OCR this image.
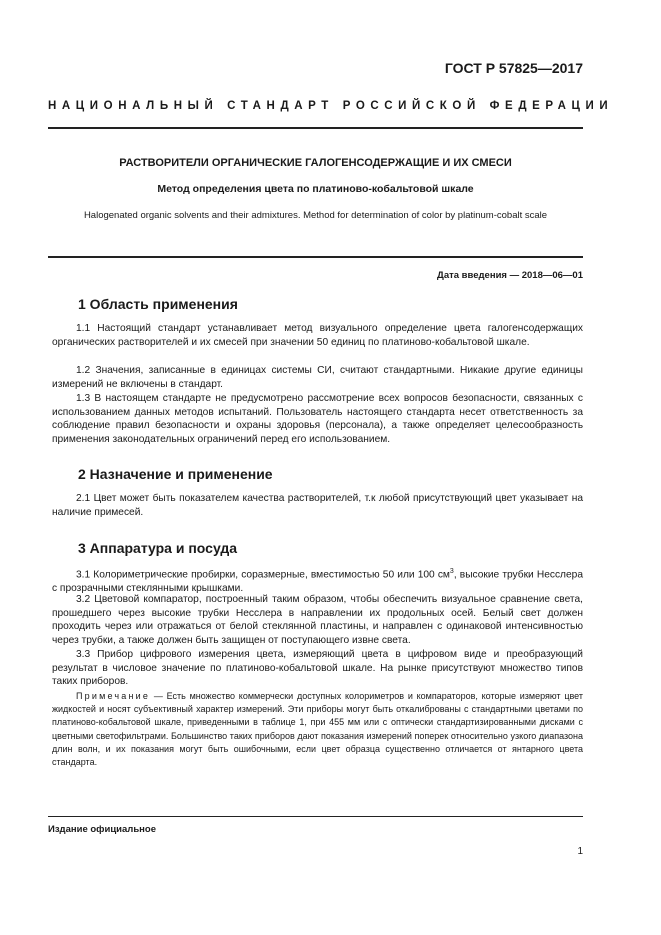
ГОСТ Р 57825—2017
НАЦИОНАЛЬНЫЙ СТАНДАРТ РОССИЙСКОЙ ФЕДЕРАЦИИ
РАСТВОРИТЕЛИ ОРГАНИЧЕСКИЕ ГАЛОГЕНСОДЕРЖАЩИЕ И ИХ СМЕСИ
Метод определения цвета по платиново-кобальтовой шкале
Halogenated organic solvents and their admixtures. Method for determination of color by platinum-cobalt scale
Дата введения — 2018—06—01
1 Область применения
1.1 Настоящий стандарт устанавливает метод визуального определение цвета галогенсодержащих органических растворителей и их смесей при значении 50 единиц по платиново-кобальтовой шкале.
1.2 Значения, записанные в единицах системы СИ, считают стандартными. Никакие другие единицы измерений не включены в стандарт.
1.3 В настоящем стандарте не предусмотрено рассмотрение всех вопросов безопасности, связанных с использованием данных методов испытаний. Пользователь настоящего стандарта несет ответственность за соблюдение правил безопасности и охраны здоровья (персонала), а также определяет целесообразность применения законодательных ограничений перед его использованием.
2 Назначение и применение
2.1 Цвет может быть показателем качества растворителей, т.к любой присутствующий цвет указывает на наличие примесей.
3 Аппаратура и посуда
3.1 Колориметрические пробирки, соразмерные, вместимостью 50 или 100 $см^3$, высокие трубки Несслера с прозрачными стеклянными крышками.
3.2 Цветовой компаратор, построенный таким образом, чтобы обеспечить визуальное сравнение света, прошедшего через высокие трубки Несслера в направлении их продольных осей. Белый свет должен проходить через или отражаться от белой стеклянной пластины, и направлен с одинаковой интенсивностью через трубки, а также должен быть защищен от поступающего извне света.
3.3 Прибор цифрового измерения цвета, измеряющий цвета в цифровом виде и преобразующий результат в числовое значение по платиново-кобальтовой шкале. На рынке присутствуют множество типов таких приборов.
Примечание — Есть множество коммерчески доступных колориметров и компараторов, которые измеряют цвет жидкостей и носят субъективный характер измерений. Эти приборы могут быть откалиброваны с стандартными цветами по платиново-кобальтовой шкале, приведенными в таблице 1, при 455 мм или с оптически стандартизированными дисками с цветными светофильтрами. Большинство таких приборов дают показания измерений поперек относительно узкого диапазона длин волн, и их показания могут быть ошибочными, если цвет образца существенно отличается от янтарного цвета стандарта.
Издание официальное
1
